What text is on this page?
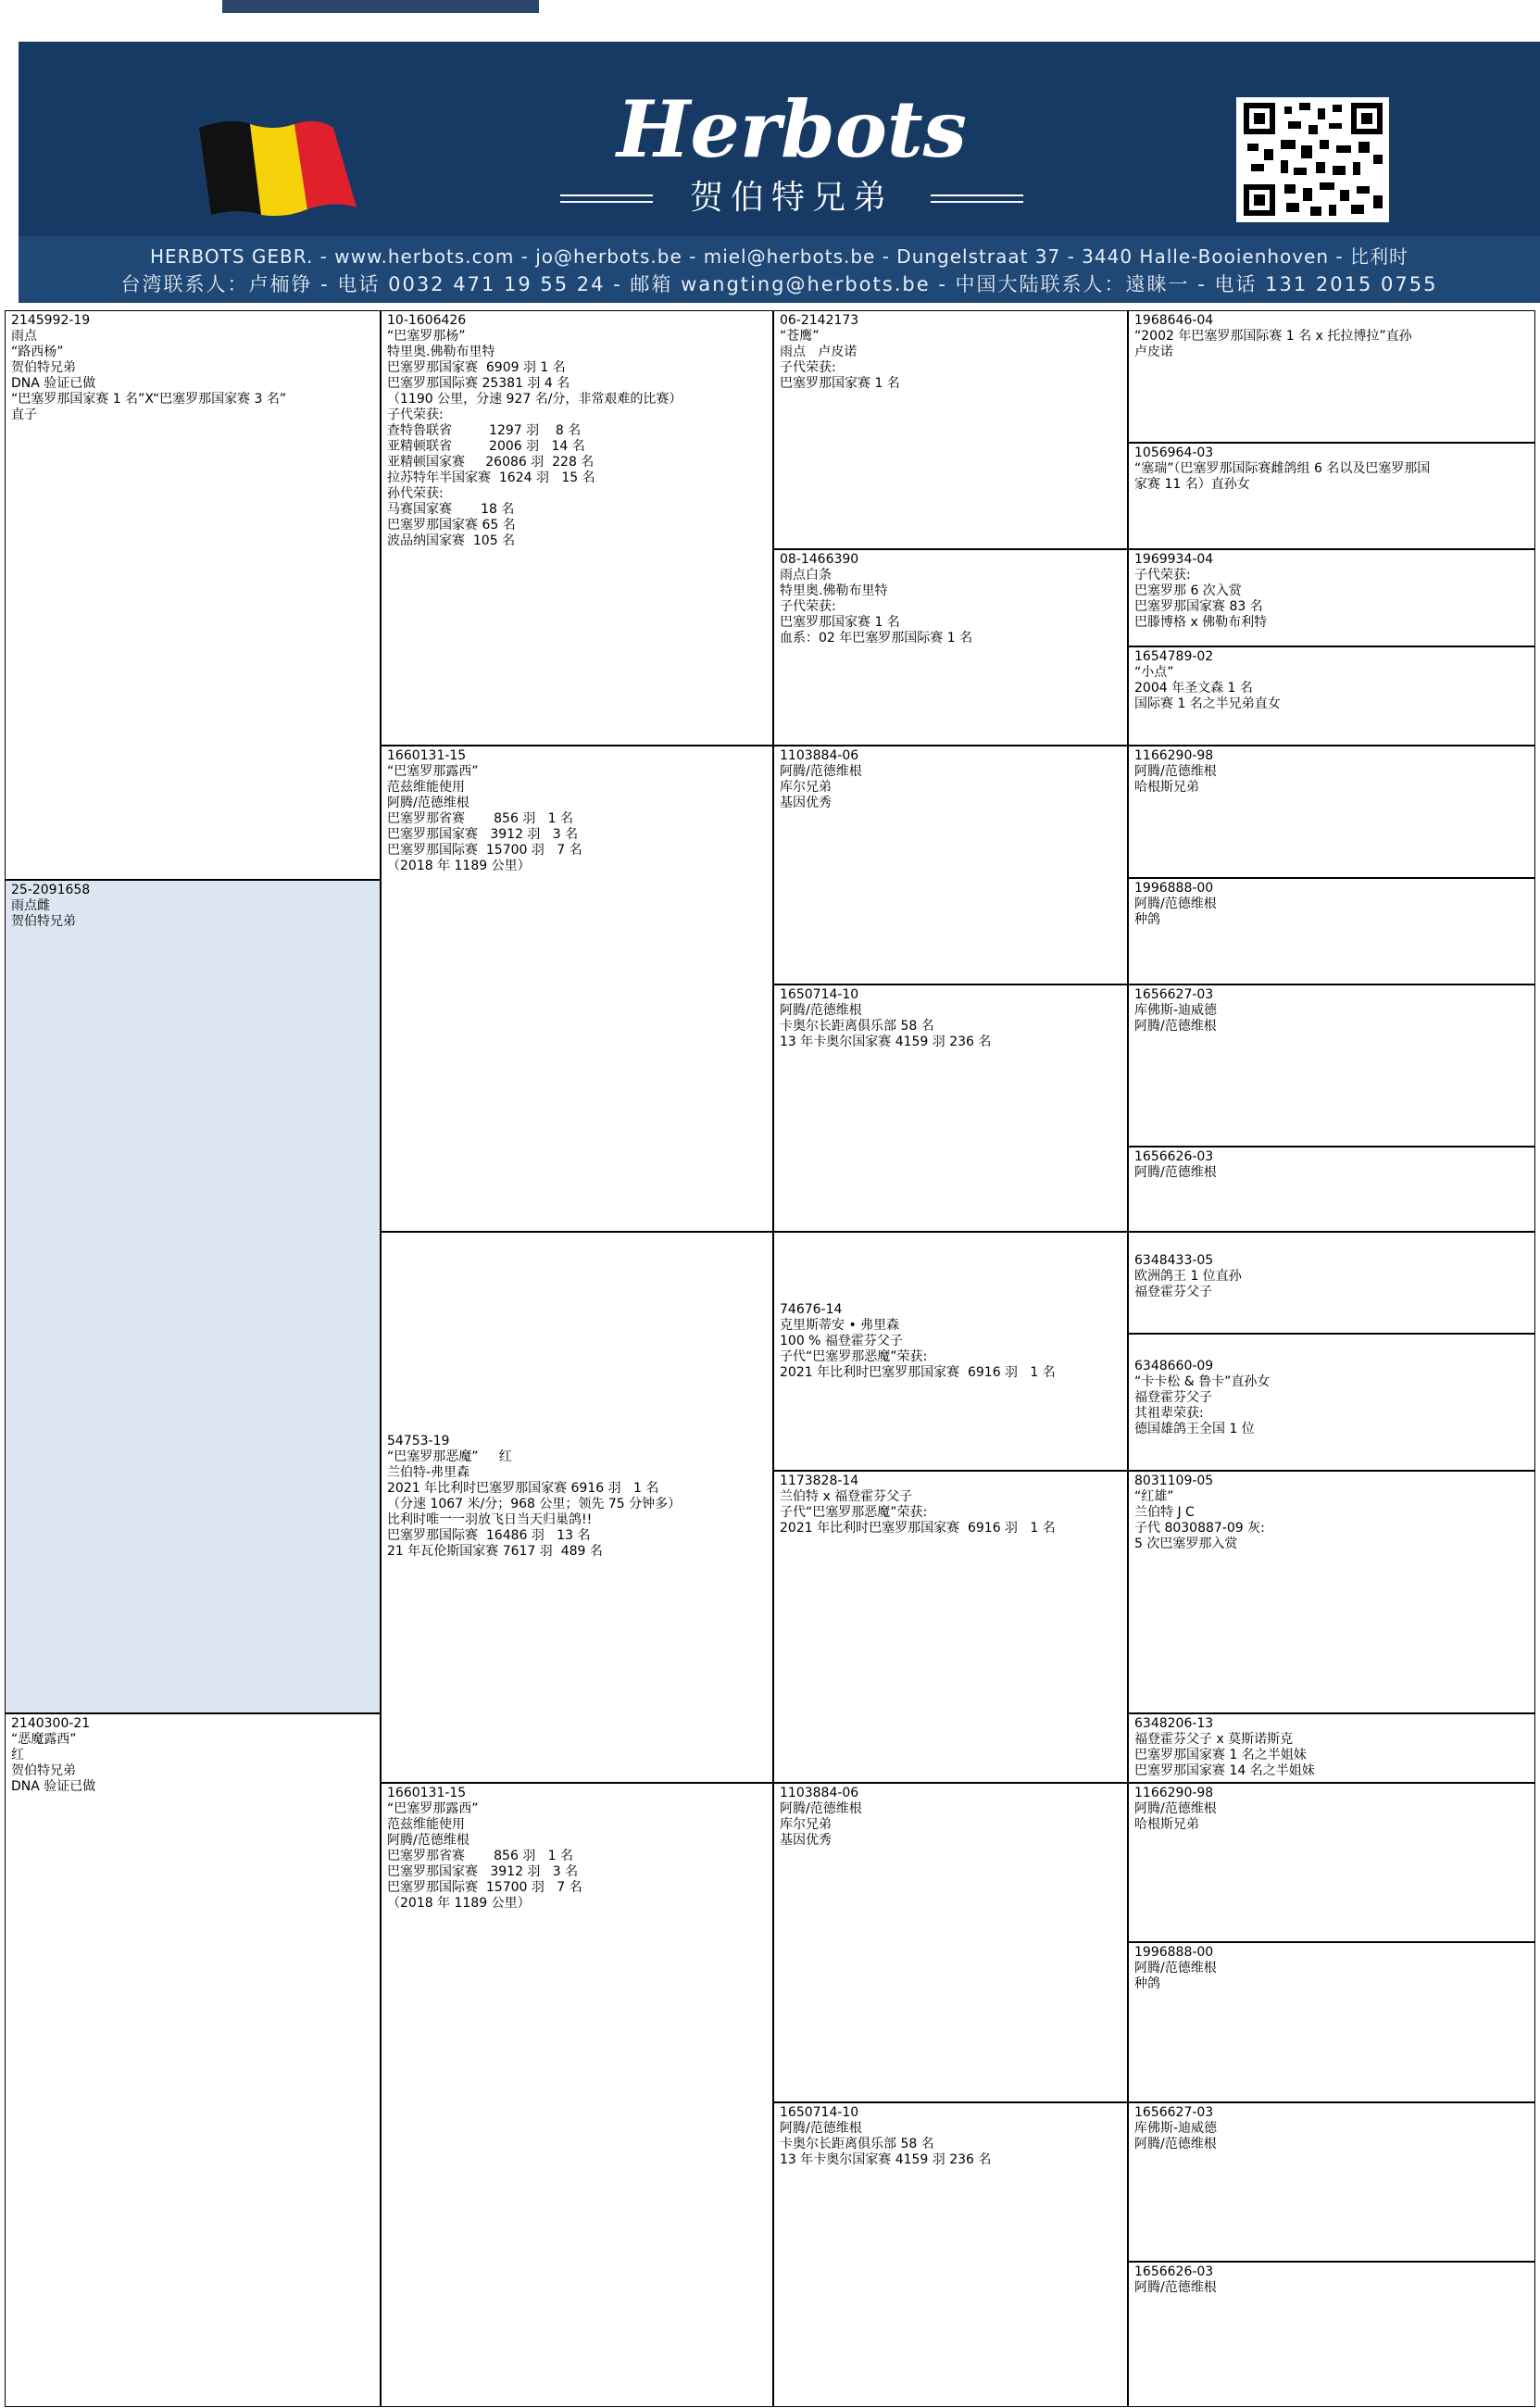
Herbots
贺伯特兄弟
HERBOTS GEBR. - www.herbots.com - jo@herbots.be - miel@herbots.be - Dungelstraat 37 - 3440 Halle-Booienhoven - 比利时
台湾联系人：卢栭铮 - 电话 0032 471 19 55 24 - 邮箱 wangting@herbots.be - 中国大陆联系人：遠睐一 - 电话 131 2015 0755
2145992-19
雨点
“路西杨”
贺伯特兄弟
DNA 验证已做
“巴塞罗那国家赛 1 名”X“巴塞罗那国家赛 3 名”
直子
25-2091658
雨点雌
贺伯特兄弟
2140300-21
“恶魔露西”
红
贺伯特兄弟
DNA 验证已做
10-1606426
“巴塞罗那杨”
特里奥.佛勒布里特
巴塞罗那国家赛  6909 羽 1 名
巴塞罗那国际赛 25381 羽 4 名
（1190 公里，分速 927 名/分，非常艰难的比赛）
子代荣获:
查特鲁联省         1297 羽    8 名
亚精顿联省         2006 羽   14 名
亚精顿国家赛     26086 羽  228 名
拉苏特年半国家赛  1624 羽   15 名
孙代荣获:
马赛国家赛       18 名
巴塞罗那国家赛 65 名
波品纳国家赛  105 名
1660131-15
“巴塞罗那露西”
范兹维能使用
阿腾/范德维根
巴塞罗那省赛       856 羽   1 名
巴塞罗那国家赛   3912 羽   3 名
巴塞罗那国际赛  15700 羽   7 名
（2018 年 1189 公里）
54753-19
“巴塞罗那恶魔”     红
兰伯特-弗里森
2021 年比利时巴塞罗那国家赛 6916 羽   1 名
（分速 1067 米/分；968 公里；领先 75 分钟多）
比利时唯一一羽放飞日当天归巢鸽!!
巴塞罗那国际赛  16486 羽   13 名
21 年瓦伦斯国家赛 7617 羽  489 名
1660131-15
“巴塞罗那露西”
范兹维能使用
阿腾/范德维根
巴塞罗那省赛       856 羽   1 名
巴塞罗那国家赛   3912 羽   3 名
巴塞罗那国际赛  15700 羽   7 名
（2018 年 1189 公里）
06-2142173
“苍鹰”
雨点   卢皮诺
子代荣获:
巴塞罗那国家赛 1 名
08-1466390
雨点白条
特里奥.佛勒布里特
子代荣获:
巴塞罗那国家赛 1 名
血系：02 年巴塞罗那国际赛 1 名
1103884-06
阿腾/范德维根
库尔兄弟
基因优秀
1650714-10
阿腾/范德维根
卡奥尔长距离俱乐部 58 名
13 年卡奥尔国家赛 4159 羽 236 名
74676-14
克里斯蒂安 • 弗里森
100 % 福登霍芬父子
子代“巴塞罗那恶魔”荣获:
2021 年比利时巴塞罗那国家赛  6916 羽   1 名
1173828-14
兰伯特 x 福登霍芬父子
子代“巴塞罗那恶魔”荣获:
2021 年比利时巴塞罗那国家赛  6916 羽   1 名
1103884-06
阿腾/范德维根
库尔兄弟
基因优秀
1650714-10
阿腾/范德维根
卡奥尔长距离俱乐部 58 名
13 年卡奥尔国家赛 4159 羽 236 名
1968646-04
“2002 年巴塞罗那国际赛 1 名 x 托拉博拉”直孙
卢皮诺
1056964-03
“塞瑞”（巴塞罗那国际赛雌鸽组 6 名以及巴塞罗那国
家赛 11 名）直孙女
1969934-04
子代荣获:
巴塞罗那 6 次入赏
巴塞罗那国家赛 83 名
巴滕博格 x 佛勒布利特
1654789-02
“小点”
2004 年圣文森 1 名
国际赛 1 名之半兄弟直女
1166290-98
阿腾/范德维根
哈根斯兄弟
1996888-00
阿腾/范德维根
种鸽
1656627-03
库佛斯-迪威德
阿腾/范德维根
1656626-03
阿腾/范德维根
6348433-05
欧洲鸽王 1 位直孙
福登霍芬父子
6348660-09
“卡卡松 & 鲁卡”直孙女
福登霍芬父子
其祖辈荣获:
德国雄鸽王全国 1 位
8031109-05
“红雄”
兰伯特 J C
子代 8030887-09 灰:
5 次巴塞罗那入赏
6348206-13
福登霍芬父子 x 莫斯诺斯克
巴塞罗那国家赛 1 名之半姐妹
巴塞罗那国家赛 14 名之半姐妹
1166290-98
阿腾/范德维根
哈根斯兄弟
1996888-00
阿腾/范德维根
种鸽
1656627-03
库佛斯-迪威德
阿腾/范德维根
1656626-03
阿腾/范德维根
